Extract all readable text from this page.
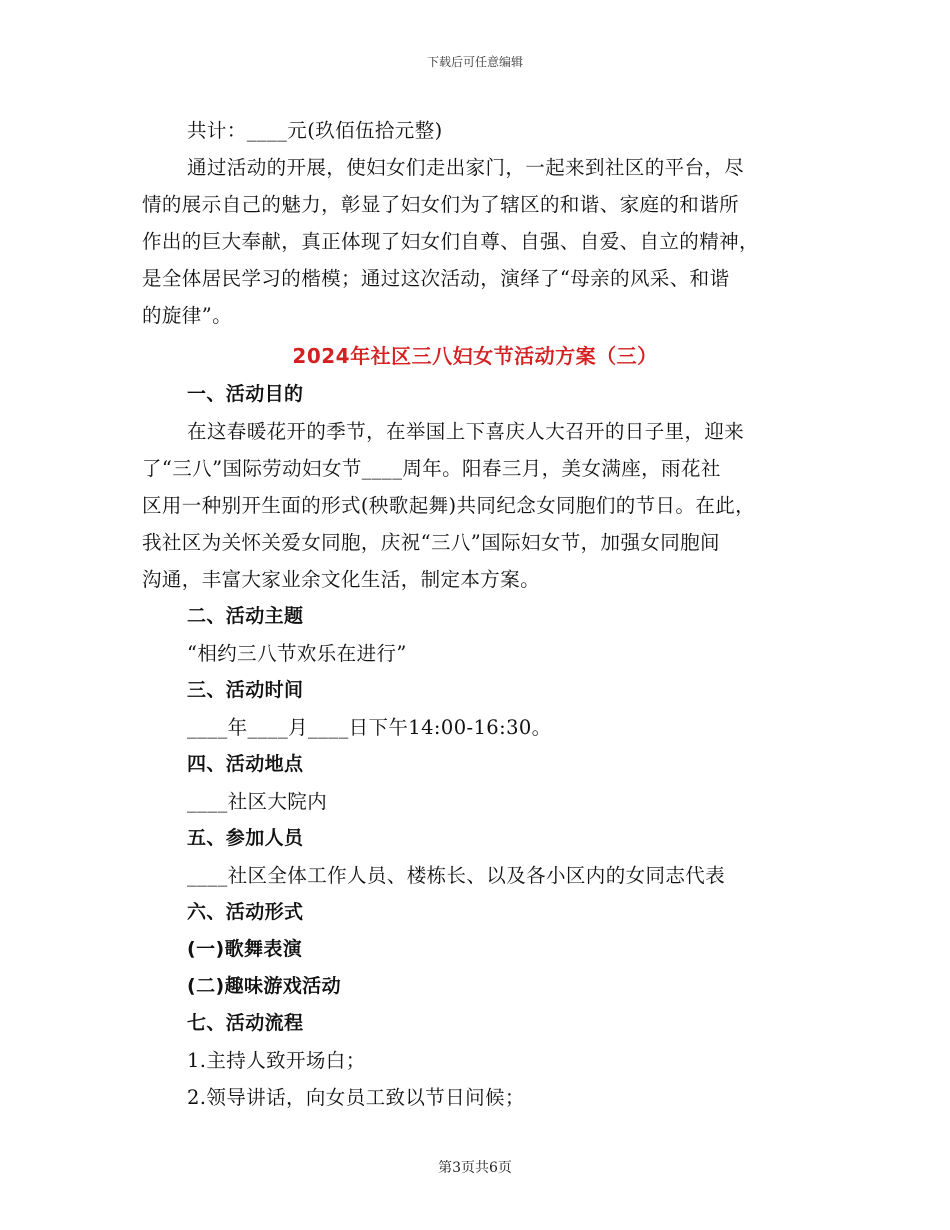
下载后可任意编辑
共计：____元(玖佰伍拾元整)
通过活动的开展，使妇女们走出家门，一起来到社区的平台，尽
情的展示自己的魅力，彰显了妇女们为了辖区的和谐、家庭的和谐所
作出的巨大奉献，真正体现了妇女们自尊、自强、自爱、自立的精神，
是全体居民学习的楷模；通过这次活动，演绎了“母亲的风采、和谐
的旋律”。
2024年社区三八妇女节活动方案（三）
一、活动目的
在这春暖花开的季节，在举国上下喜庆人大召开的日子里，迎来
了“三八”国际劳动妇女节____周年。阳春三月，美女满座，雨花社
区用一种别开生面的形式(秧歌起舞)共同纪念女同胞们的节日。在此，
我社区为关怀关爱女同胞，庆祝“三八”国际妇女节，加强女同胞间
沟通，丰富大家业余文化生活，制定本方案。
二、活动主题
“相约三八节欢乐在进行”
三、活动时间
____年____月____日下午14:00-16:30。
四、活动地点
____社区大院内
五、参加人员
____社区全体工作人员、楼栋长、以及各小区内的女同志代表
六、活动形式
(一)歌舞表演
(二)趣味游戏活动
七、活动流程
1.主持人致开场白；
2.领导讲话，向女员工致以节日问候；
第3页共6页
